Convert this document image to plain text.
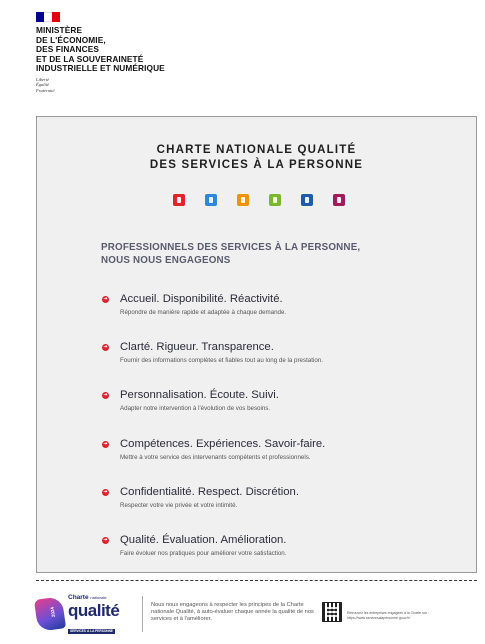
MINISTÈRE
DE L'ÉCONOMIE,
DES FINANCES
ET DE LA SOUVERAINETÉ
INDUSTRIELLE ET NUMÉRIQUE
Liberté
Égalité
Fraternité
CHARTE NATIONALE QUALITÉ
DES SERVICES À LA PERSONNE
PROFESSIONNELS DES SERVICES À LA PERSONNE,
NOUS NOUS ENGAGEONS
➔ Accueil. Disponibilité. Réactivité.
Répondre de manière rapide et adaptée à chaque demande.
➔ Clarté. Rigueur. Transparence.
Fournir des informations complètes et fiables tout au long de la prestation.
➔ Personnalisation. Écoute. Suivi.
Adapter notre intervention à l'évolution de vos besoins.
➔ Compétences. Expériences. Savoir-faire.
Mettre à votre service des intervenants compétents et professionnels.
➔ Confidentialité. Respect. Discrétion.
Respecter votre vie privée et votre intimité.
➔ Qualité. Évaluation. Amélioration.
Faire évoluer nos pratiques pour améliorer votre satisfaction.
2024
Charte nationale
qualité
SERVICES À LA PERSONNE
Nous nous engageons à respecter les principes de la Charte nationale Qualité, à auto-évaluer chaque année la qualité de nos services et à l'améliorer.
Retrouvez les entreprises engagées à la Charte sur : https://www.servicesalapersonne.gouv.fr/
